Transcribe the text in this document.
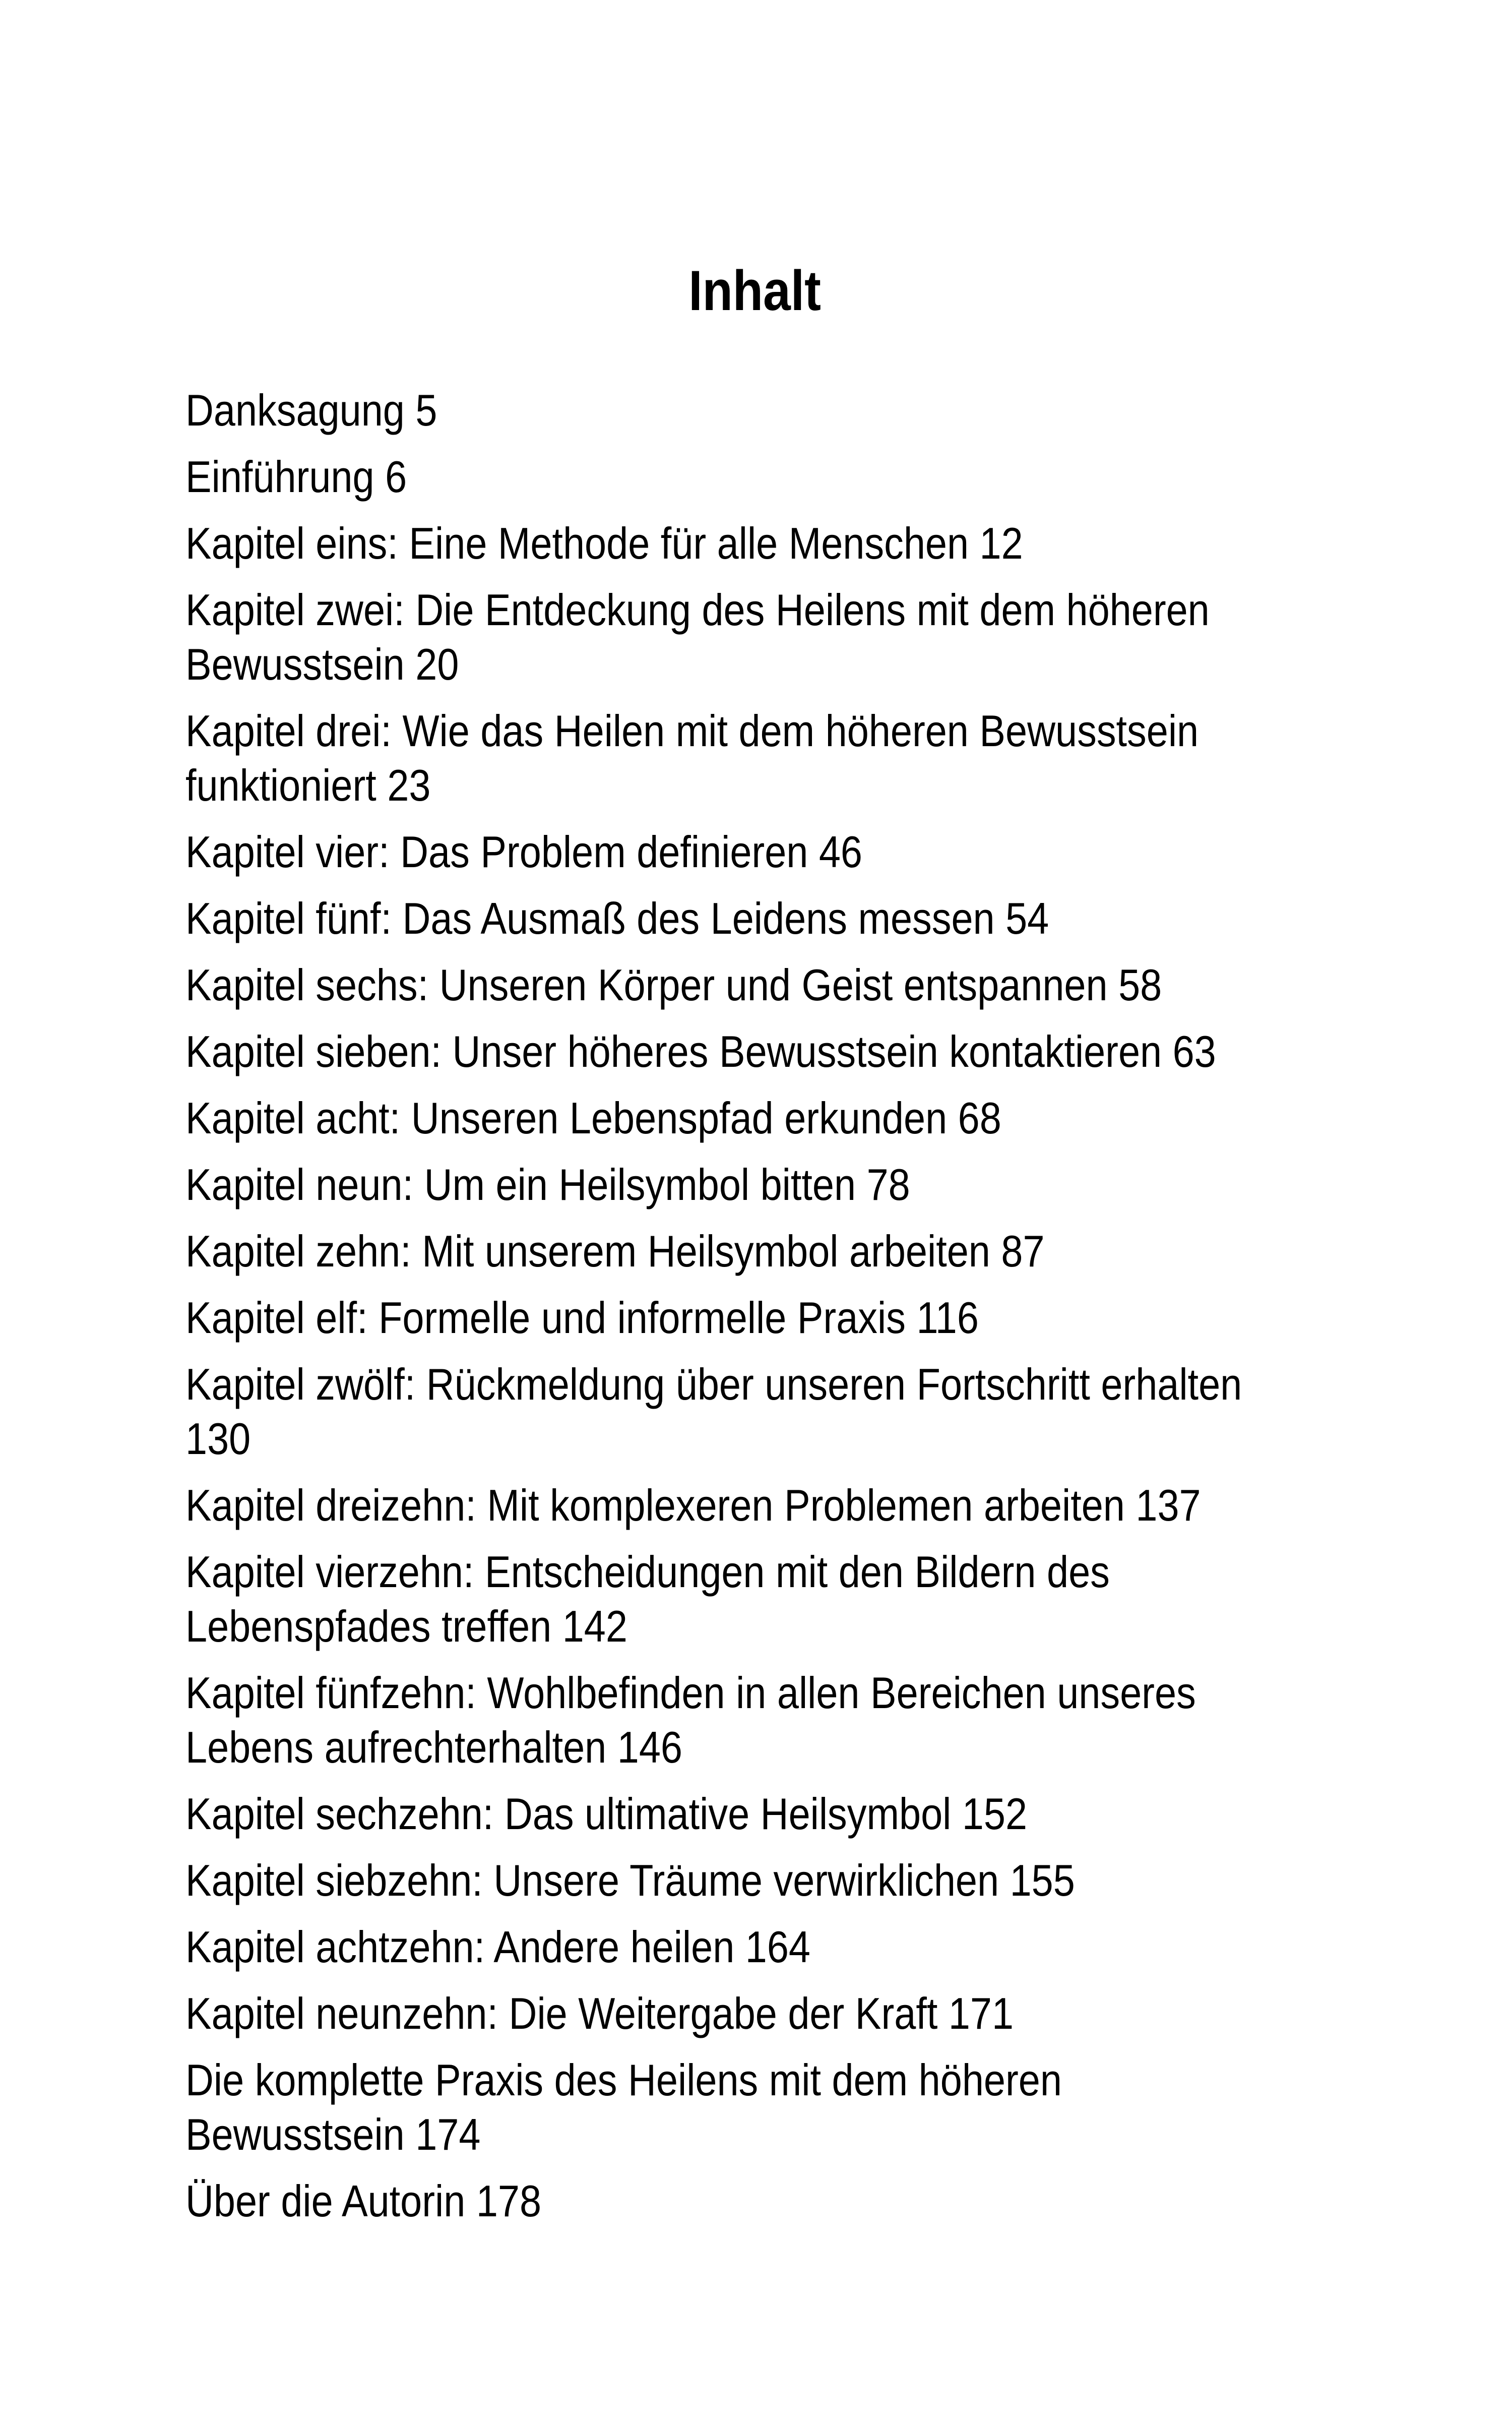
Inhalt
Danksagung 5
Einführung 6
Kapitel eins: Eine Methode für alle Menschen 12
Kapitel zwei: Die Entdeckung des Heilens mit dem höheren
Bewusstsein 20
Kapitel drei: Wie das Heilen mit dem höheren Bewusstsein
funktioniert 23
Kapitel vier: Das Problem definieren 46
Kapitel fünf: Das Ausmaß des Leidens messen 54
Kapitel sechs: Unseren Körper und Geist entspannen 58
Kapitel sieben: Unser höheres Bewusstsein kontaktieren 63
Kapitel acht: Unseren Lebenspfad erkunden 68
Kapitel neun: Um ein Heilsymbol bitten 78
Kapitel zehn: Mit unserem Heilsymbol arbeiten 87
Kapitel elf: Formelle und informelle Praxis 116
Kapitel zwölf: Rückmeldung über unseren Fortschritt erhalten 130
Kapitel dreizehn: Mit komplexeren Problemen arbeiten 137
Kapitel vierzehn: Entscheidungen mit den Bildern des
Lebenspfades treffen 142
Kapitel fünfzehn: Wohlbefinden in allen Bereichen unseres
Lebens aufrechterhalten 146
Kapitel sechzehn: Das ultimative Heilsymbol 152
Kapitel siebzehn: Unsere Träume verwirklichen 155
Kapitel achtzehn: Andere heilen 164
Kapitel neunzehn: Die Weitergabe der Kraft 171
Die komplette Praxis des Heilens mit dem höheren
Bewusstsein 174
Über die Autorin 178
